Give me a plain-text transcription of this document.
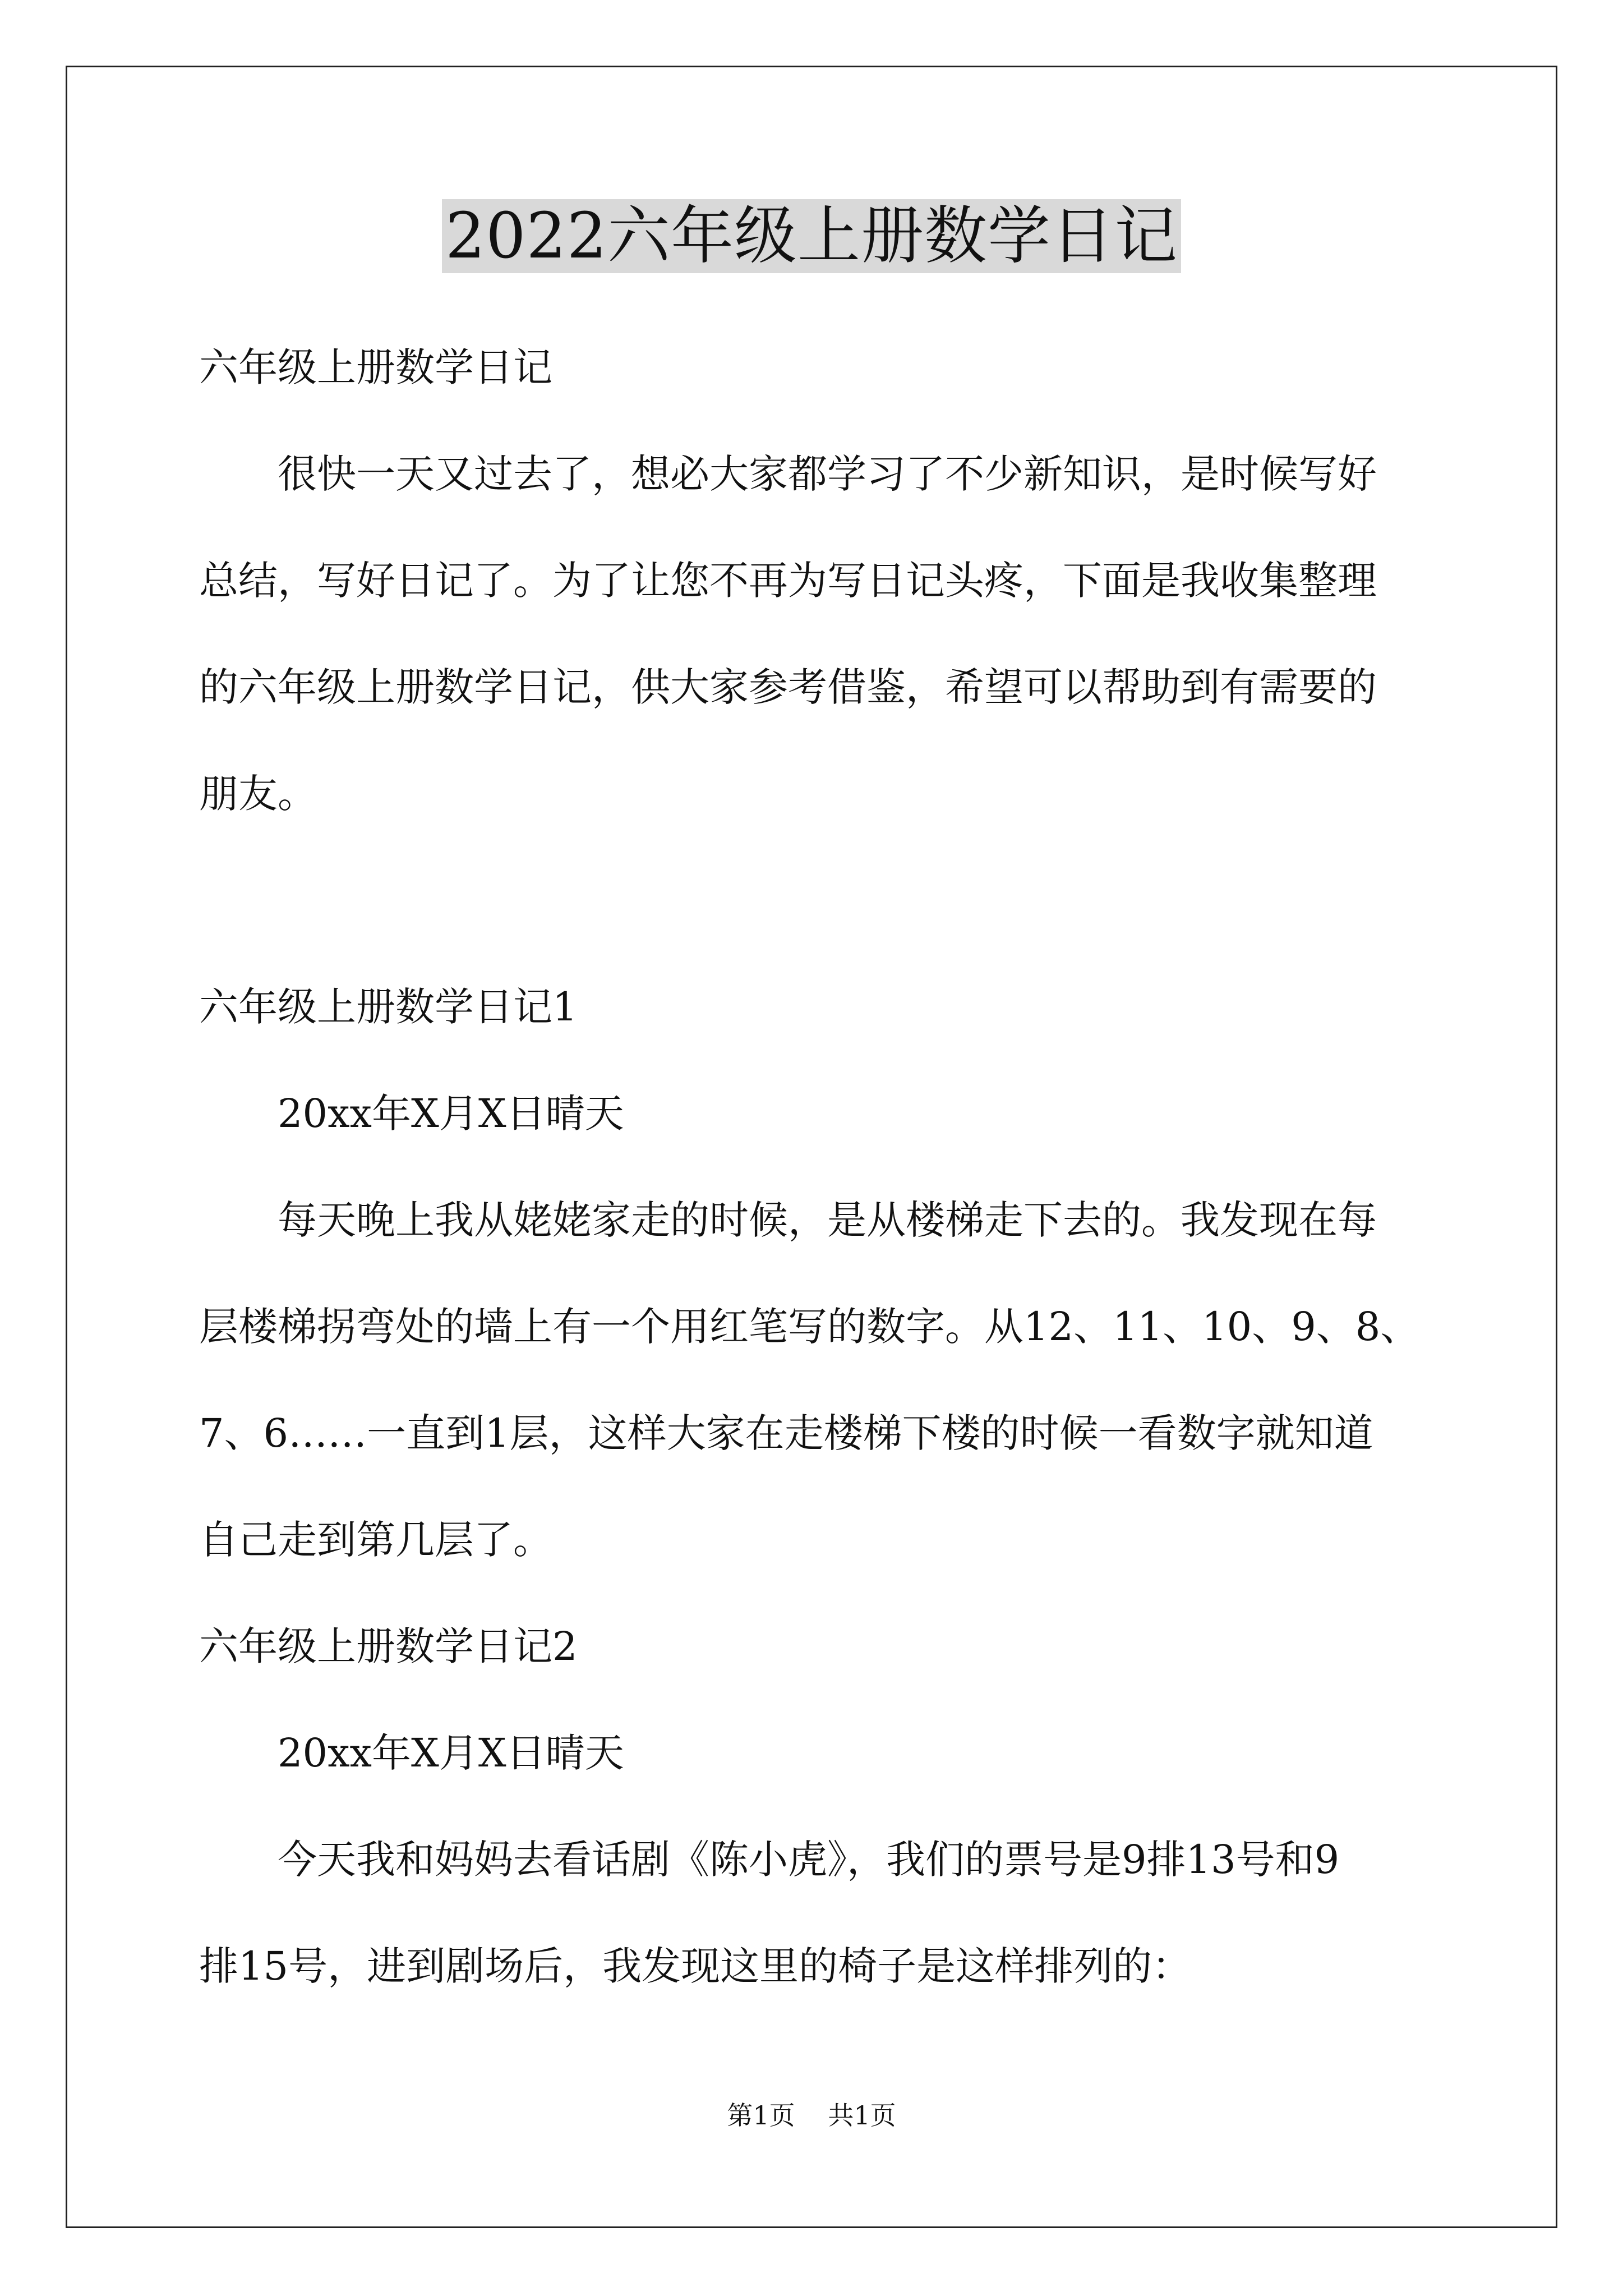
2022六年级上册数学日记
六年级上册数学日记
很快一天又过去了，想必大家都学习了不少新知识，是时候写好
总结，写好日记了。为了让您不再为写日记头疼，下面是我收集整理
的六年级上册数学日记，供大家参考借鉴，希望可以帮助到有需要的
朋友。
六年级上册数学日记1
20xx年X月X日晴天
每天晚上我从姥姥家走的时候，是从楼梯走下去的。我发现在每
层楼梯拐弯处的墙上有一个用红笔写的数字。从12、11、10、9、8、
7、6……一直到1层，这样大家在走楼梯下楼的时候一看数字就知道
自己走到第几层了。
六年级上册数学日记2
20xx年X月X日晴天
今天我和妈妈去看话剧《陈小虎》，我们的票号是9排13号和9
排15号，进到剧场后，我发现这里的椅子是这样排列的：
第1页 共1页
